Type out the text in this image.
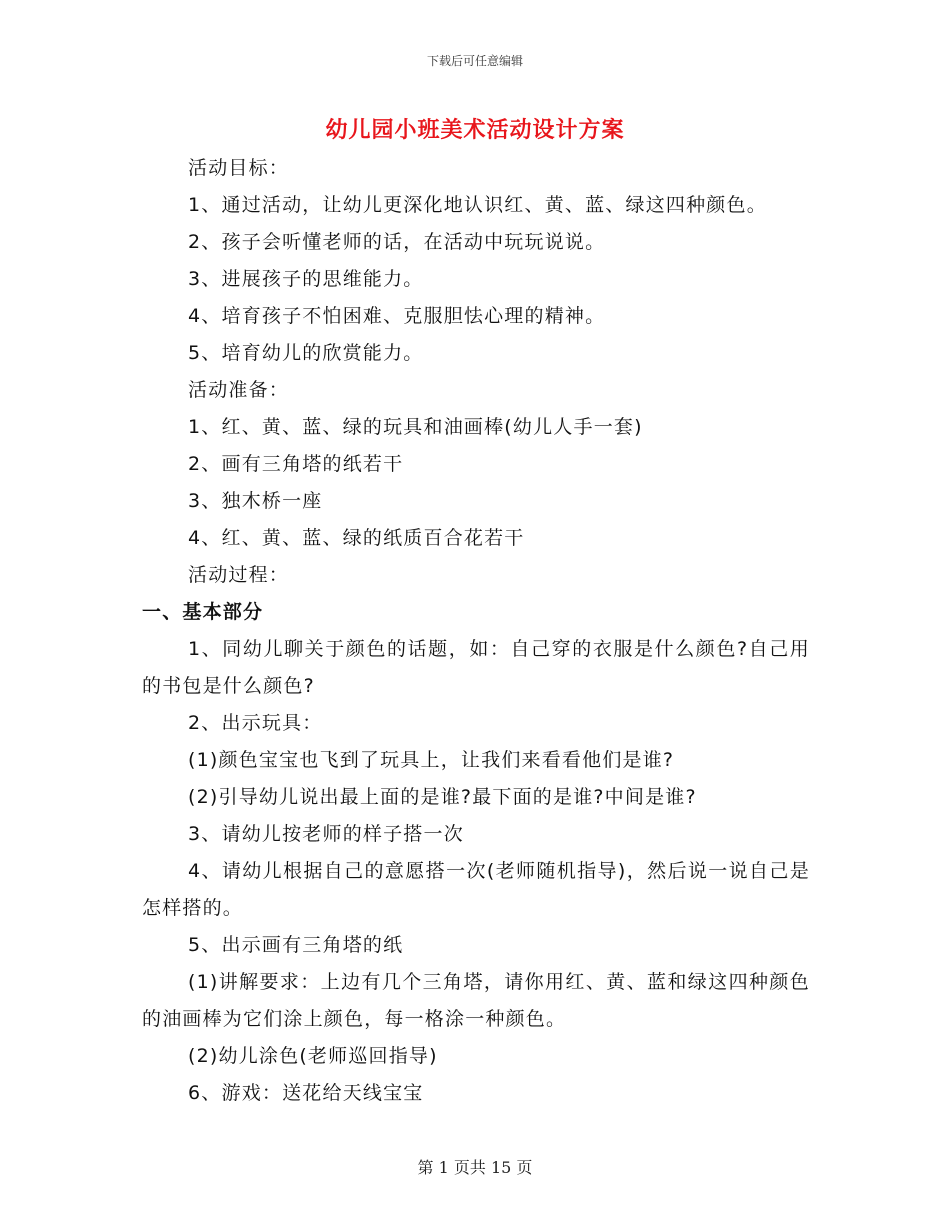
下载后可任意编辑
幼儿园小班美术活动设计方案

活动目标：

1、通过活动，让幼儿更深化地认识红、黄、蓝、绿这四种颜色。

2、孩子会听懂老师的话，在活动中玩玩说说。

3、进展孩子的思维能力。

4、培育孩子不怕困难、克服胆怯心理的精神。

5、培育幼儿的欣赏能力。

活动准备：

1、红、黄、蓝、绿的玩具和油画棒(幼儿人手一套)

2、画有三角塔的纸若干

3、独木桥一座

4、红、黄、蓝、绿的纸质百合花若干

活动过程：

一、基本部分

1、同幼儿聊关于颜色的话题，如：自己穿的衣服是什么颜色?自己用的书包是什么颜色?

2、出示玩具：

(1)颜色宝宝也飞到了玩具上，让我们来看看他们是谁?

(2)引导幼儿说出最上面的是谁?最下面的是谁?中间是谁?

3、请幼儿按老师的样子搭一次

4、请幼儿根据自己的意愿搭一次(老师随机指导)，然后说一说自己是怎样搭的。

5、出示画有三角塔的纸

(1)讲解要求：上边有几个三角塔，请你用红、黄、蓝和绿这四种颜色的油画棒为它们涂上颜色，每一格涂一种颜色。

(2)幼儿涂色(老师巡回指导)

6、游戏：送花给天线宝宝

第 1 页共 15 页
